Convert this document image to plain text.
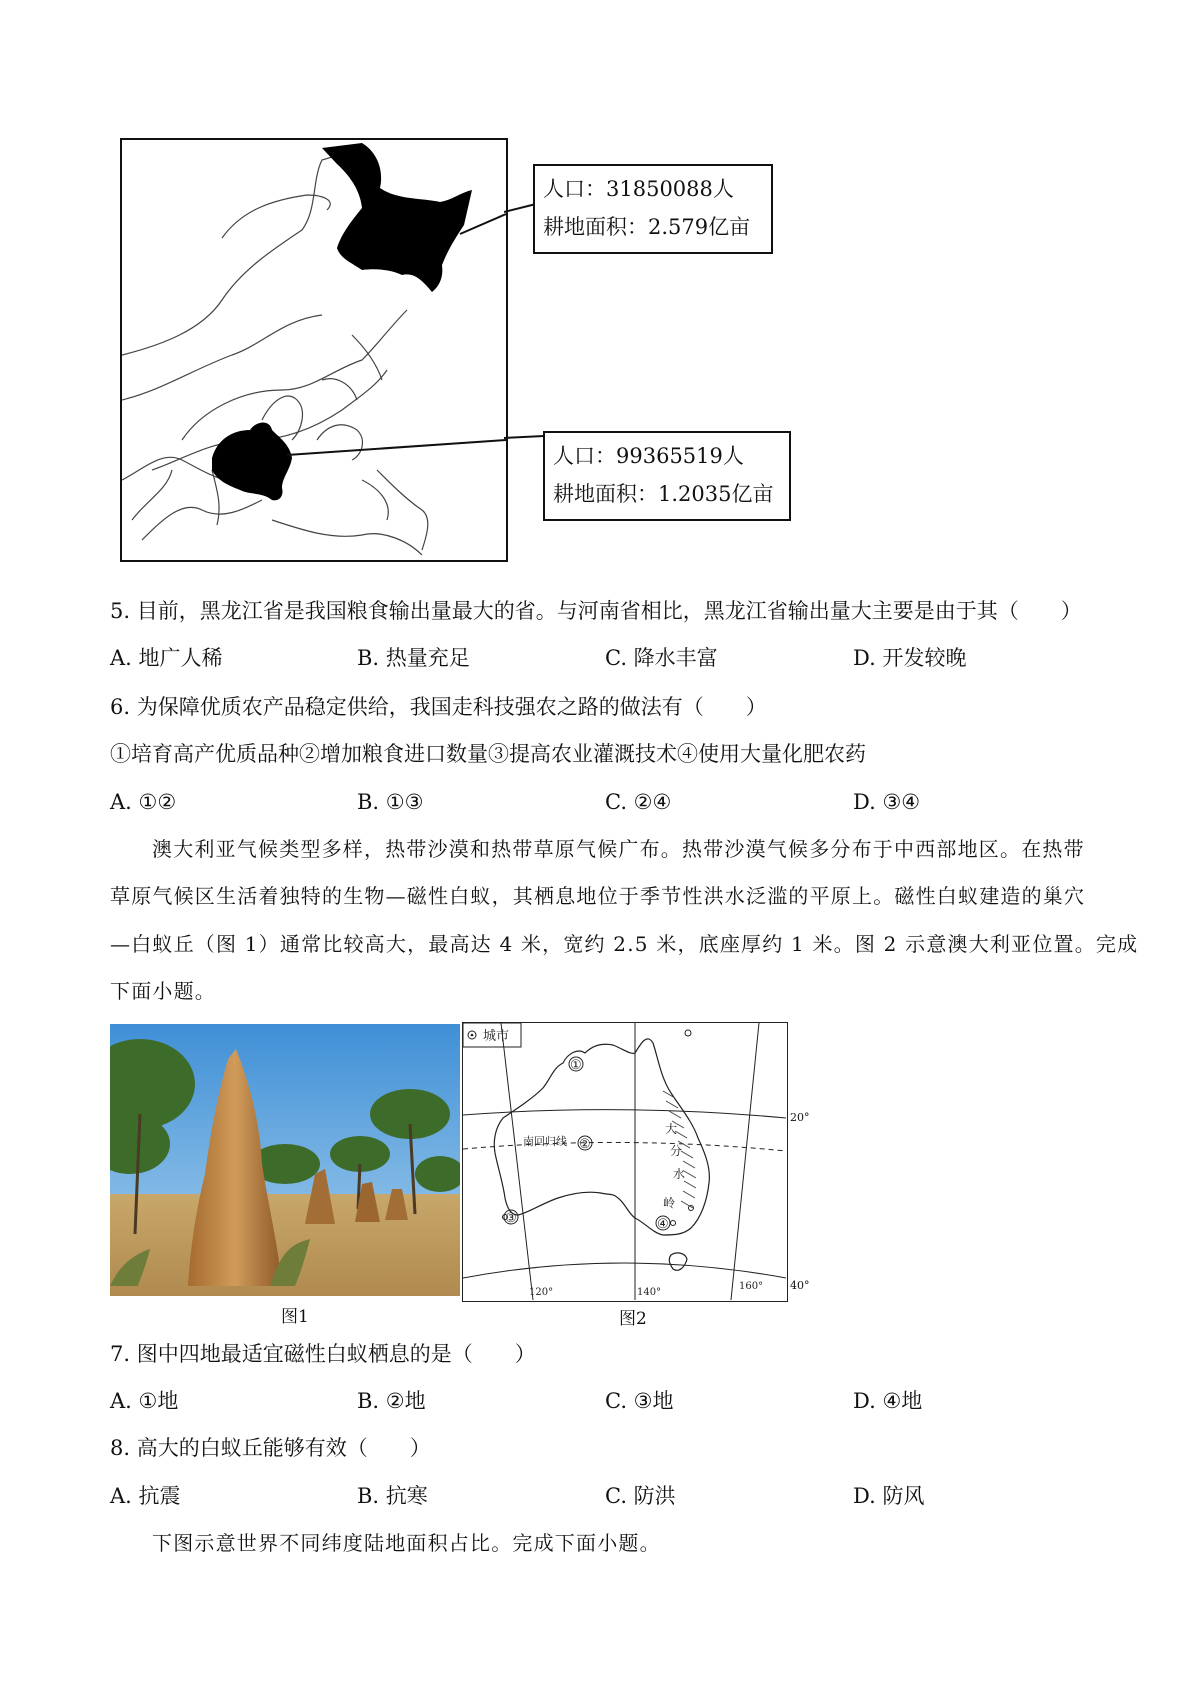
人口：31850088人
耕地面积：2.579亿亩
人口：99365519人
耕地面积：1.2035亿亩
5. 目前，黑龙江省是我国粮食输出量最大的省。与河南省相比，黑龙江省输出量大主要是由于其（　　）
A. 地广人稀	B. 热量充足	C. 降水丰富	D. 开发较晚
6. 为保障优质农产品稳定供给，我国走科技强农之路的做法有（　　）
①培育高产优质品种②增加粮食进口数量③提高农业灌溉技术④使用大量化肥农药
A. ①②	B. ①③	C. ②④	D. ③④
澳大利亚气候类型多样，热带沙漠和热带草原气候广布。热带沙漠气候多分布于中西部地区。在热带
草原气候区生活着独特的生物—磁性白蚁，其栖息地位于季节性洪水泛滥的平原上。磁性白蚁建造的巢穴
—白蚁丘（图 1）通常比较高大，最高达 4 米，宽约 2.5 米，底座厚约 1 米。图 2 示意澳大利亚位置。完成
下面小题。
图1
城市
大
分
水
岭
南回归线
①
②
③	④
120°	140°
160°
20°
40°
图2
7. 图中四地最适宜磁性白蚁栖息的是（　　）
A. ①地	B. ②地	C. ③地	D. ④地
8. 高大的白蚁丘能够有效（　　）
A. 抗震	B. 抗寒	C. 防洪	D. 防风
下图示意世界不同纬度陆地面积占比。完成下面小题。
